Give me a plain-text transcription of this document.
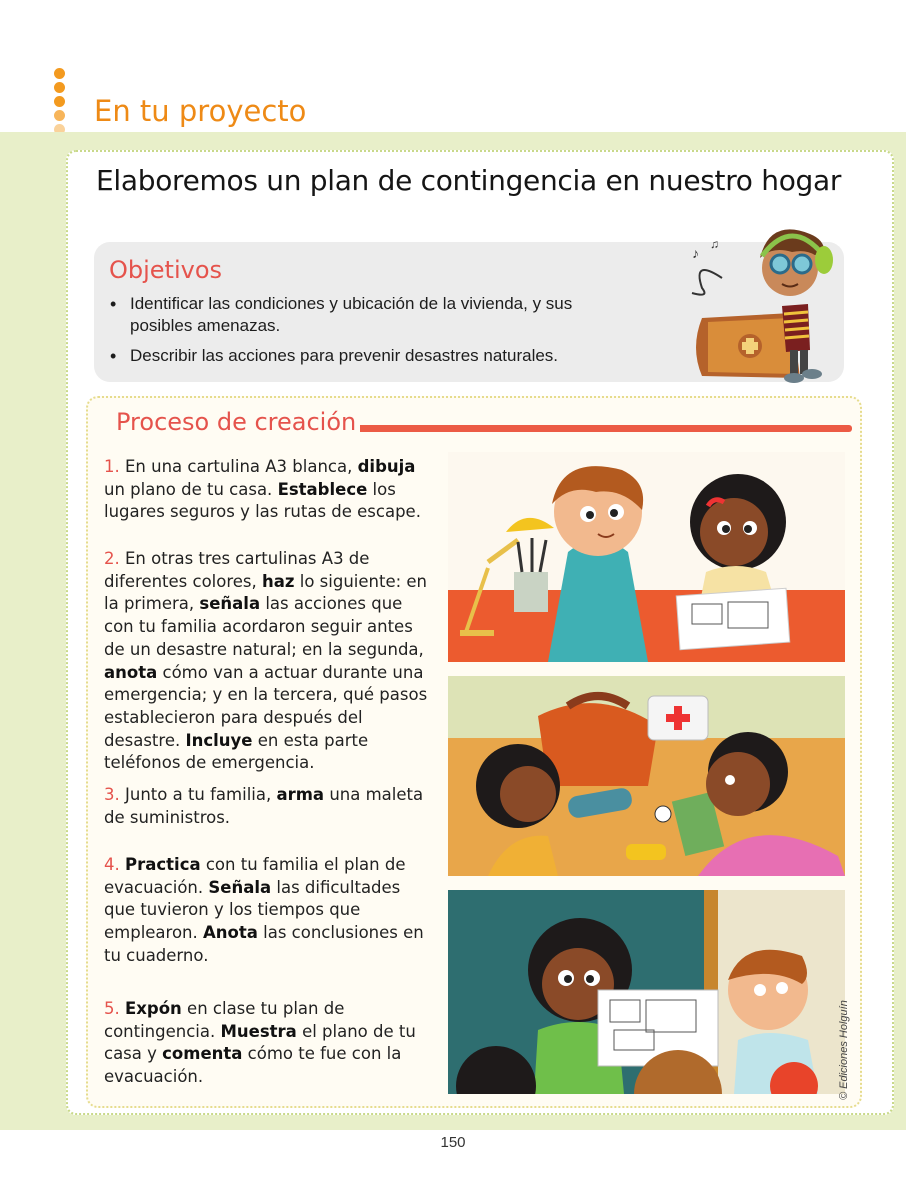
En tu proyecto
Elaboremos un plan de contingencia en nuestro hogar
Objetivos
• Identificar las condiciones y ubicación de la vivienda, y sus posibles amenazas.
• Describir las acciones para prevenir desastres naturales.
♪
♫
Proceso de creación
1. En una cartulina A3 blanca, dibuja un plano de tu casa. Establece los lugares seguros y las rutas de escape.
2. En otras tres cartulinas A3 de diferentes colores, haz lo siguiente: en la primera, señala las acciones que con tu familia acordaron seguir antes de un desastre natural; en la segunda, anota cómo van a actuar durante una emergencia; y en la tercera, qué pasos establecieron para después del desastre. Incluye en esta parte teléfonos de emergencia.
3. Junto a tu familia, arma una maleta de suministros.
4. Practica con tu familia el plan de evacuación. Señala las dificultades que tuvieron y los tiempos que emplearon. Anota las conclusiones en tu cuaderno.
5. Expón en clase tu plan de contingencia. Muestra el plano de tu casa y comenta cómo te fue con la evacuación.	© Ediciones Holguín
150
